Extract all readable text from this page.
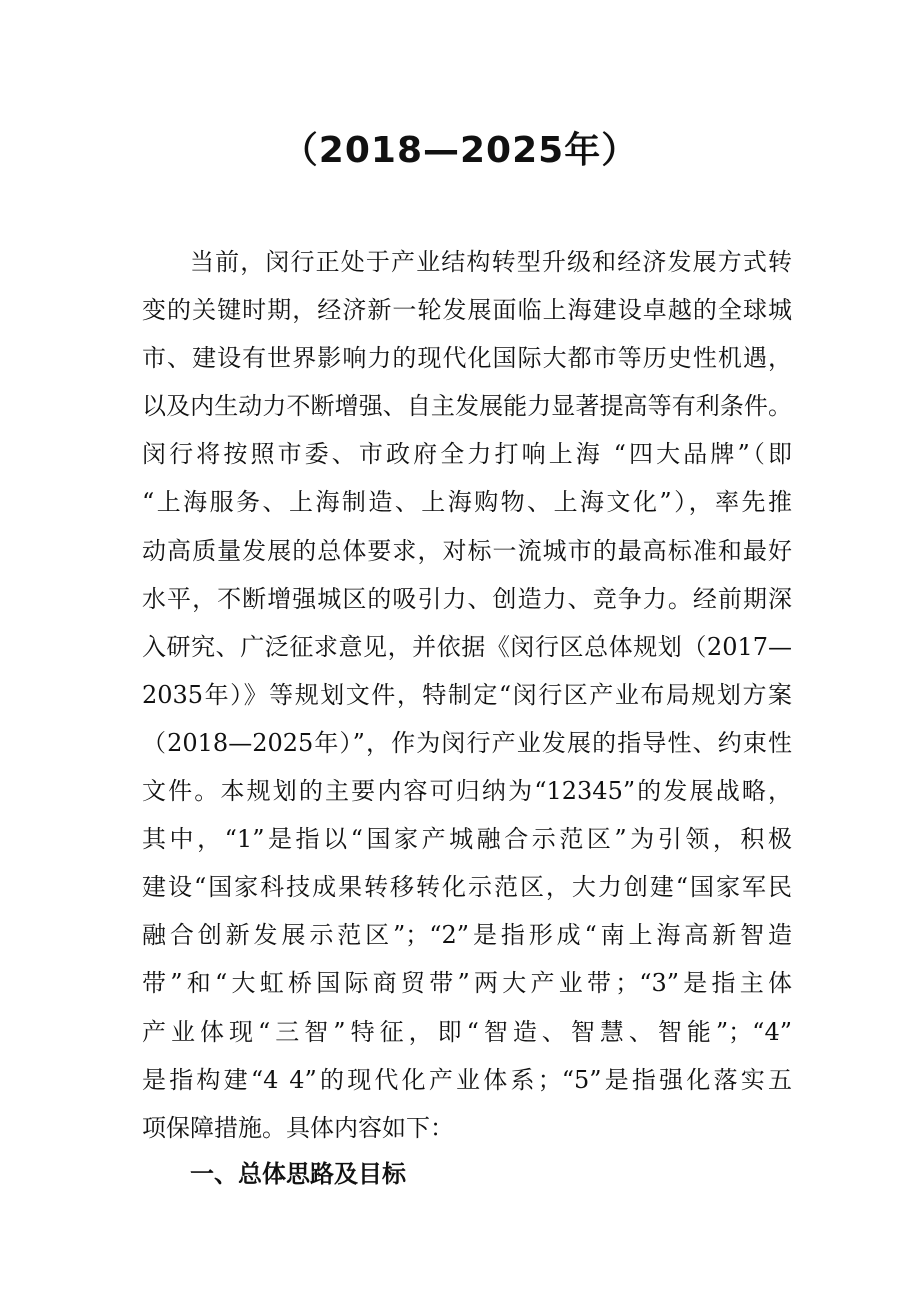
（2018—2025年）
当前，闵行正处于产业结构转型升级和经济发展方式转
变的关键时期，经济新一轮发展面临上海建设卓越的全球城
市、建设有世界影响力的现代化国际大都市等历史性机遇，
以及内生动力不断增强、自主发展能力显著提高等有利条件。
闵行将按照市委、市政府全力打响上海 “四大品牌”（即
“上海服务、上海制造、上海购物、上海文化”），率先推
动高质量发展的总体要求，对标一流城市的最高标准和最好
水平，不断增强城区的吸引力、创造力、竞争力。经前期深
入研究、广泛征求意见，并依据《闵行区总体规划（2017—
2035年）》等规划文件，特制定“闵行区产业布局规划方案
（2018—2025年）”，作为闵行产业发展的指导性、约束性
文件。本规划的主要内容可归纳为“12345”的发展战略，
其中，“1”是指以“国家产城融合示范区”为引领，积极
建设“国家科技成果转移转化示范区，大力创建“国家军民
融合创新发展示范区”；“2”是指形成“南上海高新智造
带”和“大虹桥国际商贸带”两大产业带；“3”是指主体
产业体现“三智”特征，即“智造、智慧、智能”；“4”
是指构建“4 4”的现代化产业体系；“5”是指强化落实五
项保障措施。具体内容如下：
一、总体思路及目标
